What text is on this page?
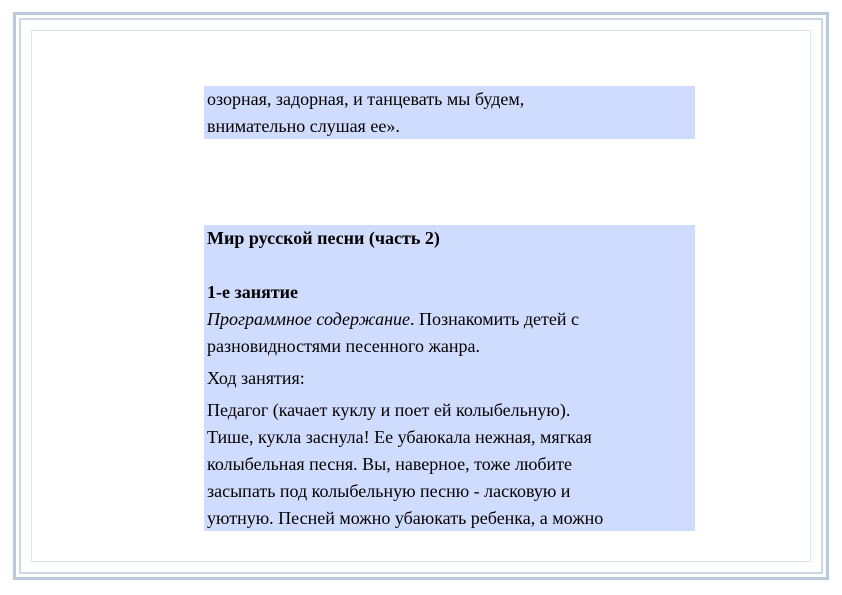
озорная, задорная, и танцевать мы будем,
внимательно слушая ее».
Мир русской песни (часть 2)
1-е занятие
Программное содержание. Познакомить детей с
разновидностями песенного жанра.
Ход занятия:
Педагог (качает куклу и поет ей колыбельную).
Тише, кукла заснула! Ее убаюкала нежная, мягкая
колыбельная песня. Вы, наверное, тоже любите
засыпать под колыбельную песню - ласковую и
уютную. Песней можно убаюкать ребенка, а можно
